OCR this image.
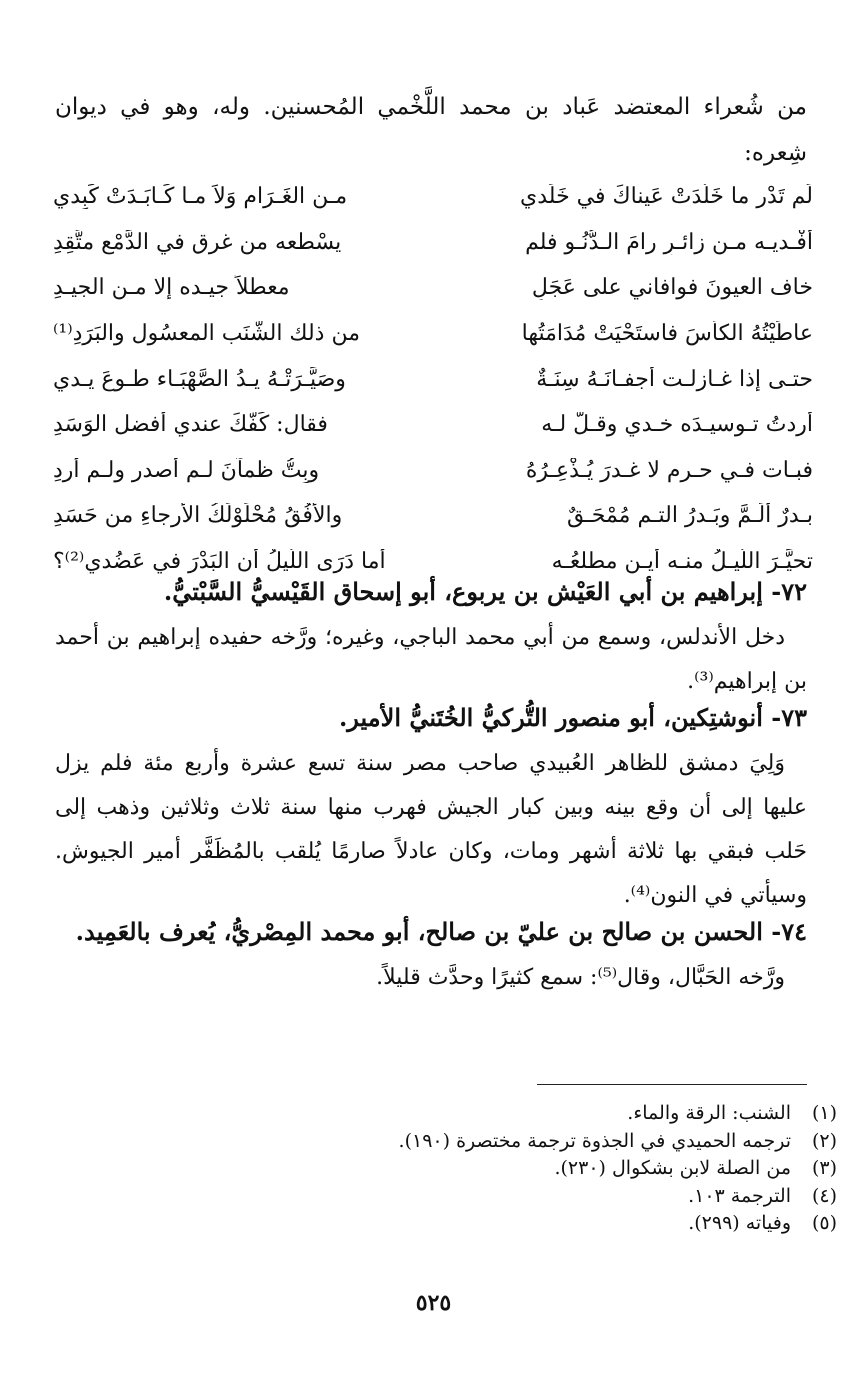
من شُعراء المعتضد عَباد بن محمد اللَّخْمي المُحسنين. وله، وهو في ديوان شِعره:
لَم تَدْرِ ما خَلَّدَتْ عَيناكَ في خَلَدي
مـن الغَـرَام وَلاَ مـا كَـابَـدَتْ كَبِدي
أَفْـديـه مـن زائـرٍ رامَ الـدُّنُـو فلم
يسْطعه من غرق في الدَّمْع متَّقِدِ
خاف العيونَ فوافاني على عَجَلٍ
معطلاً جيـده إلا مـن الجيـدِ
عاطَيْتُهُ الكأسَ فاستَحْيَتْ مُدَامَتُها
من ذلك الشَّنَب المعسُول والبَرَدِ⁽¹⁾
حتـى إذا غـازلـت أجفـانَـهُ سِنَـةٌ
وصَيَّـرَتْـهُ يـدُ الصَّهْبَـاء طـوعَ يـدي
أردتُ تـوسيـدَه خـدي وقـلَّ لـه
فقال: كَفُّكَ عندي أفضل الوَسَدِ
فبـات فـي حـرم لا غـدرَ يُـذْعِـرُهُ
وبِتُّ ظمآنَ لـم أُصدر ولـم أرِدِ
بـدرٌ أَلَـمَّ وبَـدرُ التـم مُمْحَـقٌ
والأُفُقُ مُحْلَوْلَكُ الأرجاءِ من حَسَدِ
تحيَّـرَ اللَّيـلُ منـه أيـن مطلعُـه
أما دَرَى اللَّيلُ أن البَدْرَ في عَضُدي⁽²⁾؟
٧٢- إبراهيم بن أبي العَيْش بن يربوع، أبو إسحاق القَيْسيُّ السَّبْتيُّ.
دخل الأندلس، وسمع من أبي محمد الباجي، وغيره؛ ورَّخه حفيده إبراهيم بن أحمد بن إبراهيم⁽³⁾.
٧٣- أنوشتِكين، أبو منصور التُّركيُّ الخُتَنيُّ الأمير.
وَلِيَ دمشق للظاهر العُبيدي صاحب مصر سنة تسع عشرة وأربع مئة فلم يزل عليها إلى أن وقع بينه وبين كبار الجيش فهرب منها سنة ثلاث وثلاثين وذهب إلى حَلب فبقي بها ثلاثة أشهر ومات، وكان عادلاً صارمًا يُلقب بالمُظَفَّر أمير الجيوش. وسيأتي في النون⁽⁴⁾.
٧٤- الحسن بن صالح بن عليّ بن صالح، أبو محمد المِصْريُّ، يُعرف بالعَمِيد.
ورَّخه الحَبَّال، وقال⁽⁵⁾: سمع كثيرًا وحدَّث قليلاً.
(١)الشنب: الرقة والماء.
(٢)ترجمه الحميدي في الجذوة ترجمة مختصرة (١٩٠).
(٣)من الصلة لابن بشكوال (٢٣٠).
(٤)الترجمة ١٠٣.
(٥)وفياته (٢٩٩).
٥٢٥
